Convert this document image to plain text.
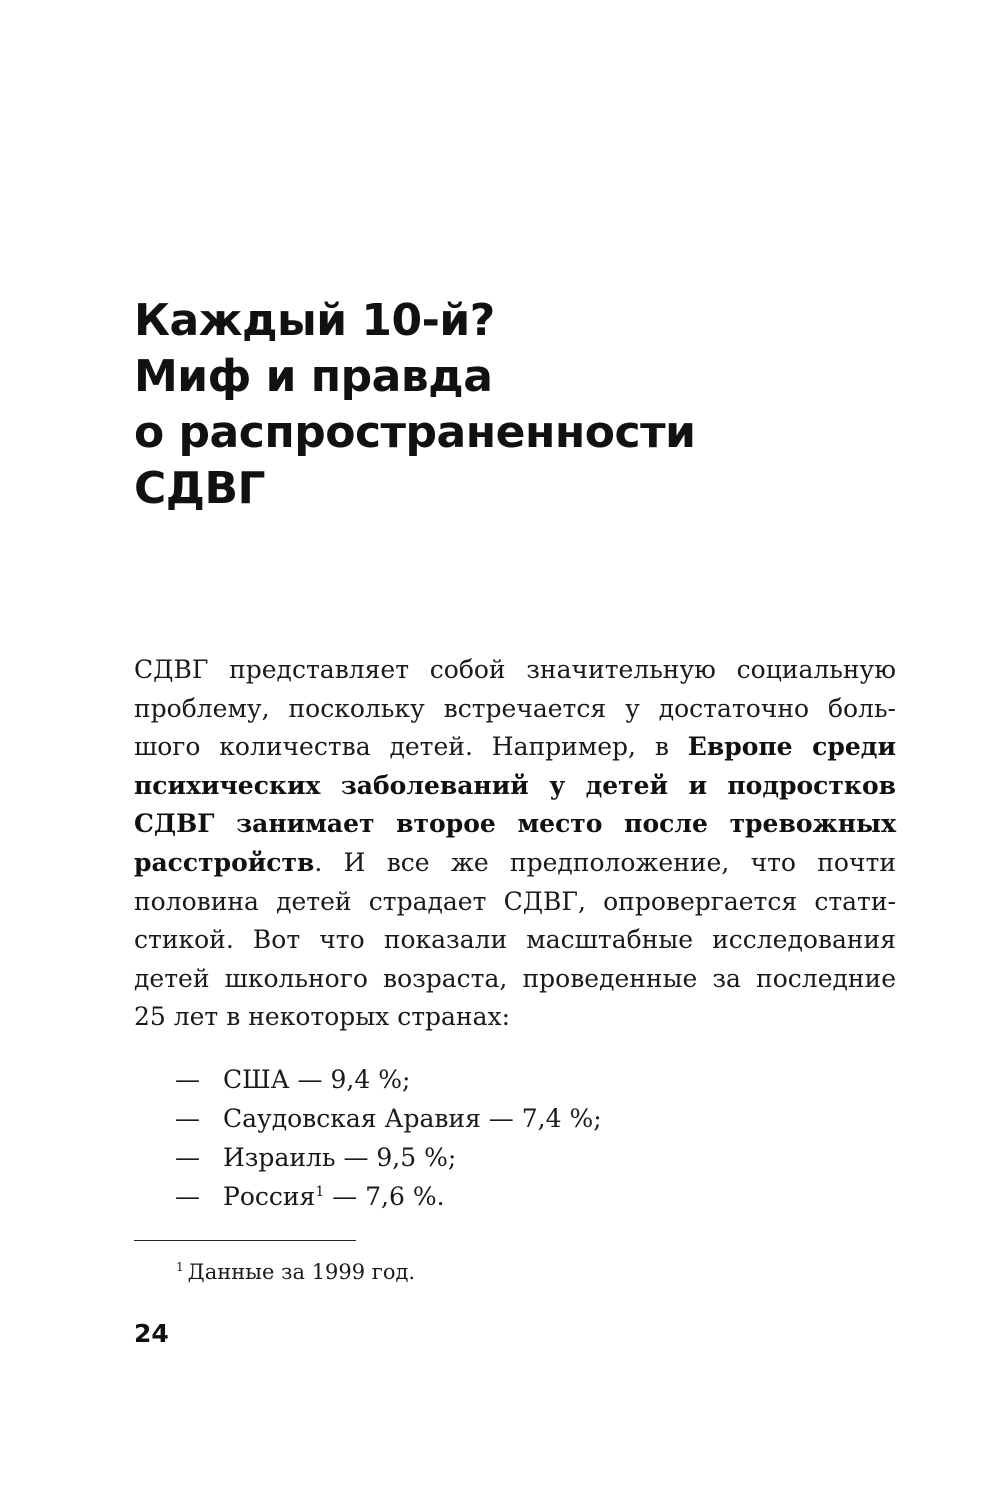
Каждый 10-й?
Миф и правда
о распространенности
СДВГ
СДВГ представляет собой значительную социальную
проблему, поскольку встречается у достаточно боль-
шого количества детей. Например, в Европе среди
психических заболеваний у детей и подростков
СДВГ занимает второе место после тревожных
расстройств. И все же предположение, что почти
половина детей страдает СДВГ, опровергается стати-
стикой. Вот что показали масштабные исследования
детей школьного возраста, проведенные за последние
25 лет в некоторых странах:
— США — 9,4 %;
— Саудовская Аравия — 7,4 %;
— Израиль — 9,5 %;
— Россия$^1$ — 7,6 %.
$^1$ Данные за 1999 год.
24
